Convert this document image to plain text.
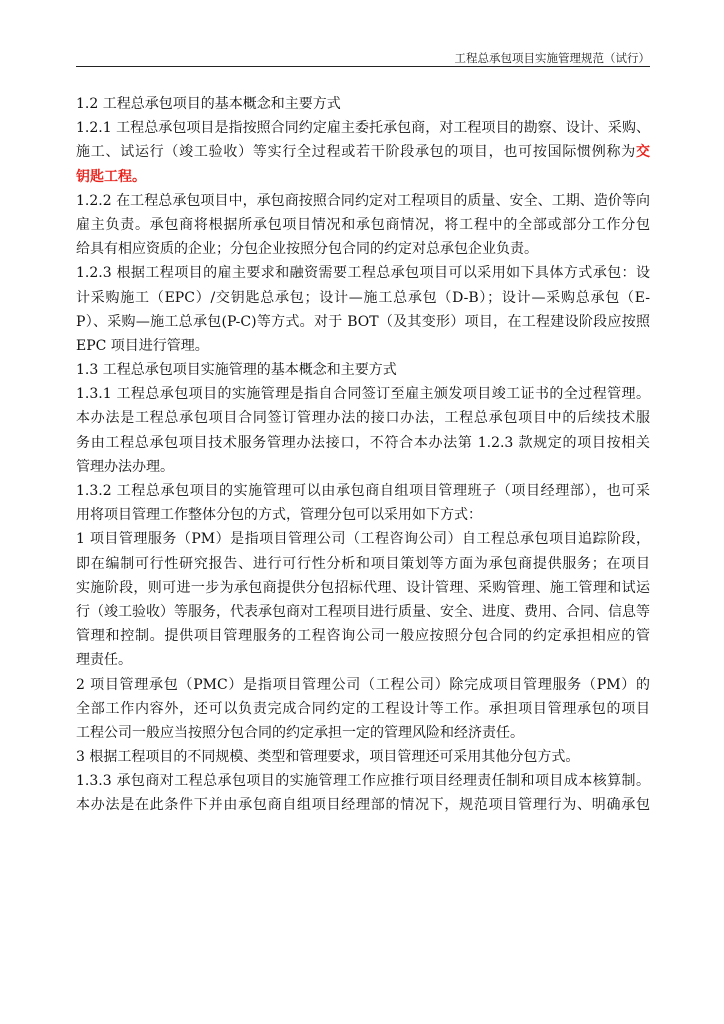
工程总承包项目实施管理规范（试行）
1.2 工程总承包项目的基本概念和主要方式
1.2.1 工程总承包项目是指按照合同约定雇主委托承包商，对工程项目的勘察、设计、采购、
施工、试运行（竣工验收）等实行全过程或若干阶段承包的项目，也可按国际惯例称为交
钥匙工程。
1.2.2 在工程总承包项目中，承包商按照合同约定对工程项目的质量、安全、工期、造价等向
雇主负责。承包商将根据所承包项目情况和承包商情况，将工程中的全部或部分工作分包
给具有相应资质的企业；分包企业按照分包合同的约定对总承包企业负责。
1.2.3 根据工程项目的雇主要求和融资需要工程总承包项目可以采用如下具体方式承包：设
计采购施工（EPC）/交钥匙总承包；设计—施工总承包（D-B）；设计—采购总承包（E-
P）、采购—施工总承包(P-C)等方式。对于 BOT（及其变形）项目，在工程建设阶段应按照
EPC 项目进行管理。
1.3 工程总承包项目实施管理的基本概念和主要方式
1.3.1 工程总承包项目的实施管理是指自合同签订至雇主颁发项目竣工证书的全过程管理。
本办法是工程总承包项目合同签订管理办法的接口办法，工程总承包项目中的后续技术服
务由工程总承包项目技术服务管理办法接口，不符合本办法第 1.2.3 款规定的项目按相关
管理办法办理。
1.3.2 工程总承包项目的实施管理可以由承包商自组项目管理班子（项目经理部），也可采
用将项目管理工作整体分包的方式，管理分包可以采用如下方式：
1 项目管理服务（PM）是指项目管理公司（工程咨询公司）自工程总承包项目追踪阶段，
即在编制可行性研究报告、进行可行性分析和项目策划等方面为承包商提供服务；在项目
实施阶段，则可进一步为承包商提供分包招标代理、设计管理、采购管理、施工管理和试运
行（竣工验收）等服务，代表承包商对工程项目进行质量、安全、进度、费用、合同、信息等
管理和控制。提供项目管理服务的工程咨询公司一般应按照分包合同的约定承担相应的管
理责任。
2 项目管理承包（PMC）是指项目管理公司（工程公司）除完成项目管理服务（PM）的
全部工作内容外，还可以负责完成合同约定的工程设计等工作。承担项目管理承包的项目
工程公司一般应当按照分包合同的约定承担一定的管理风险和经济责任。
3 根据工程项目的不同规模、类型和管理要求，项目管理还可采用其他分包方式。
1.3.3 承包商对工程总承包项目的实施管理工作应推行项目经理责任制和项目成本核算制。
本办法是在此条件下并由承包商自组项目经理部的情况下，规范项目管理行为、明确承包
